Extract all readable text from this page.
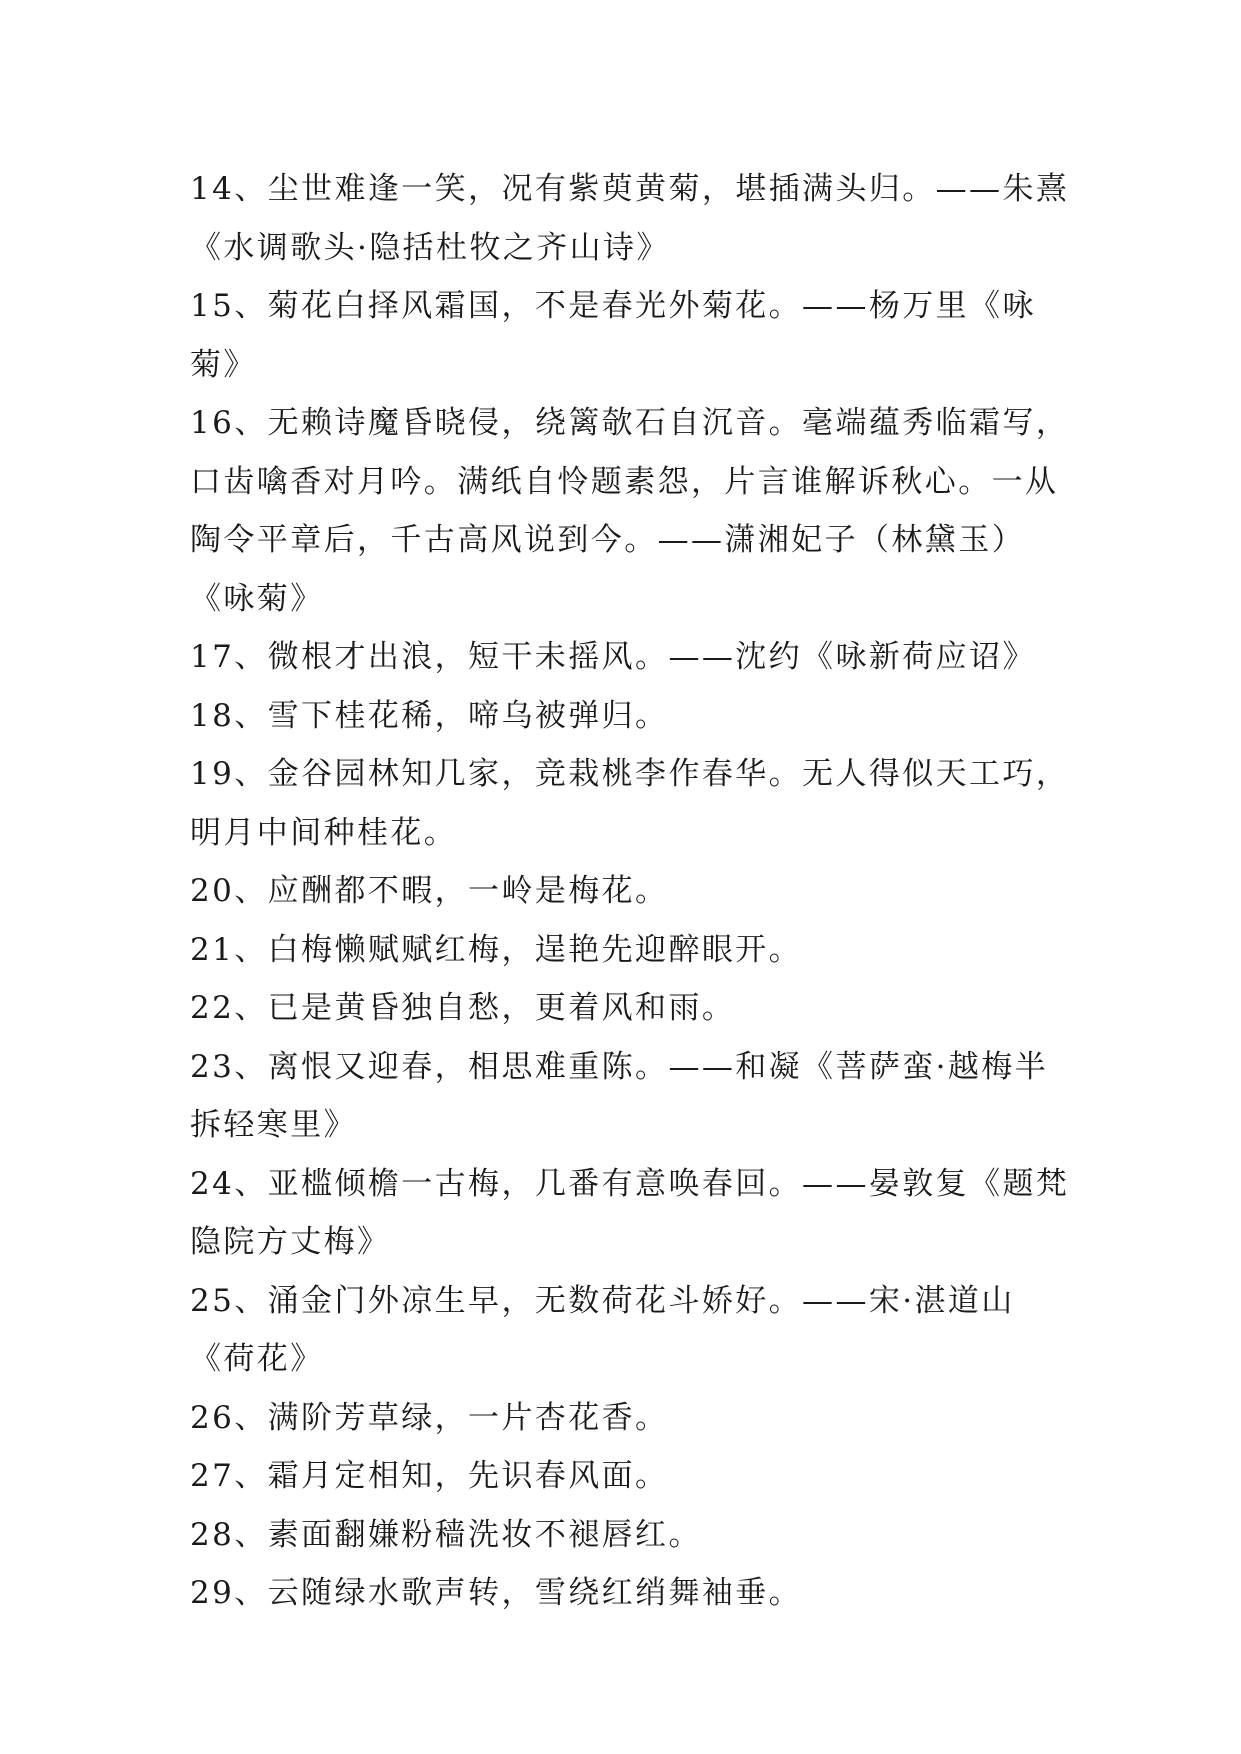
14、尘世难逢一笑，况有紫萸黄菊，堪插满头归。——朱熹《水调歌头·隐括杜牧之齐山诗》

15、菊花白择风霜国，不是春光外菊花。——杨万里《咏菊》

16、无赖诗魔昏晓侵，绕篱欹石自沉音。毫端蕴秀临霜写，口齿噙香对月吟。满纸自怜题素怨，片言谁解诉秋心。一从陶令平章后，千古高风说到今。——潇湘妃子（林黛玉）《咏菊》

17、微根才出浪，短干未摇风。——沈约《咏新荷应诏》

18、雪下桂花稀，啼乌被弹归。

19、金谷园林知几家，竞栽桃李作春华。无人得似天工巧，明月中间种桂花。

20、应酬都不暇，一岭是梅花。

21、白梅懒赋赋红梅，逞艳先迎醉眼开。

22、已是黄昏独自愁，更着风和雨。

23、离恨又迎春，相思难重陈。——和凝《菩萨蛮·越梅半拆轻寒里》

24、亚槛倾檐一古梅，几番有意唤春回。——晏敦复《题梵隐院方丈梅》

25、涌金门外凉生早，无数荷花斗娇好。——宋·湛道山《荷花》

26、满阶芳草绿，一片杏花香。

27、霜月定相知，先识春风面。

28、素面翻嫌粉穑洗妆不褪唇红。

29、云随绿水歌声转，雪绕红绡舞袖垂。
